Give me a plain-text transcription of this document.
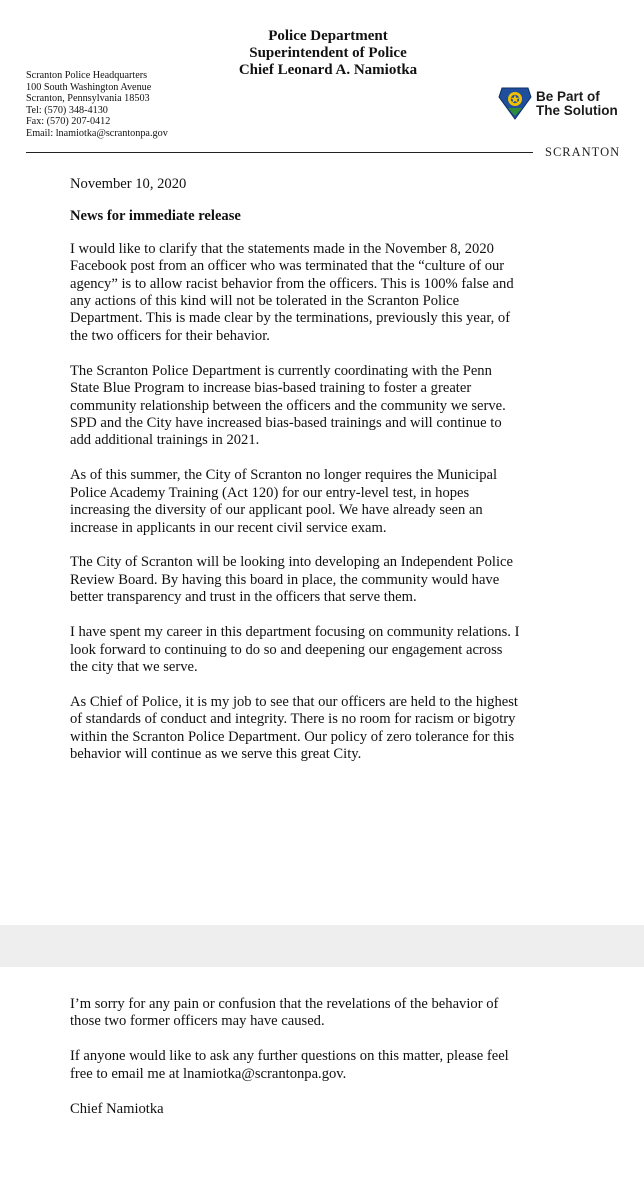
Police Department
Superintendent of Police
Chief Leonard A. Namiotka
Scranton Police Headquarters
100 South Washington Avenue
Scranton, Pennsylvania 18503
Tel: (570) 348-4130
Fax: (570) 207-0412
Email: lnamiotka@scrantonpa.gov
Be Part of
The Solution
SCRANTON

November 10, 2020

News for immediate release

I would like to clarify that the statements made in the November 8, 2020
Facebook post from an officer who was terminated that the “culture of our
agency” is to allow racist behavior from the officers. This is 100% false and
any actions of this kind will not be tolerated in the Scranton Police
Department. This is made clear by the terminations, previously this year, of
the two officers for their behavior.

The Scranton Police Department is currently coordinating with the Penn
State Blue Program to increase bias-based training to foster a greater
community relationship between the officers and the community we serve.
SPD and the City have increased bias-based trainings and will continue to
add additional trainings in 2021.

As of this summer, the City of Scranton no longer requires the Municipal
Police Academy Training (Act 120) for our entry-level test, in hopes
increasing the diversity of our applicant pool. We have already seen an
increase in applicants in our recent civil service exam.

The City of Scranton will be looking into developing an Independent Police
Review Board. By having this board in place, the community would have
better transparency and trust in the officers that serve them.

I have spent my career in this department focusing on community relations. I
look forward to continuing to do so and deepening our engagement across
the city that we serve.

As Chief of Police, it is my job to see that our officers are held to the highest
of standards of conduct and integrity. There is no room for racism or bigotry
within the Scranton Police Department. Our policy of zero tolerance for this
behavior will continue as we serve this great City.

I’m sorry for any pain or confusion that the revelations of the behavior of
those two former officers may have caused.

If anyone would like to ask any further questions on this matter, please feel
free to email me at lnamiotka@scrantonpa.gov.

Chief Namiotka
